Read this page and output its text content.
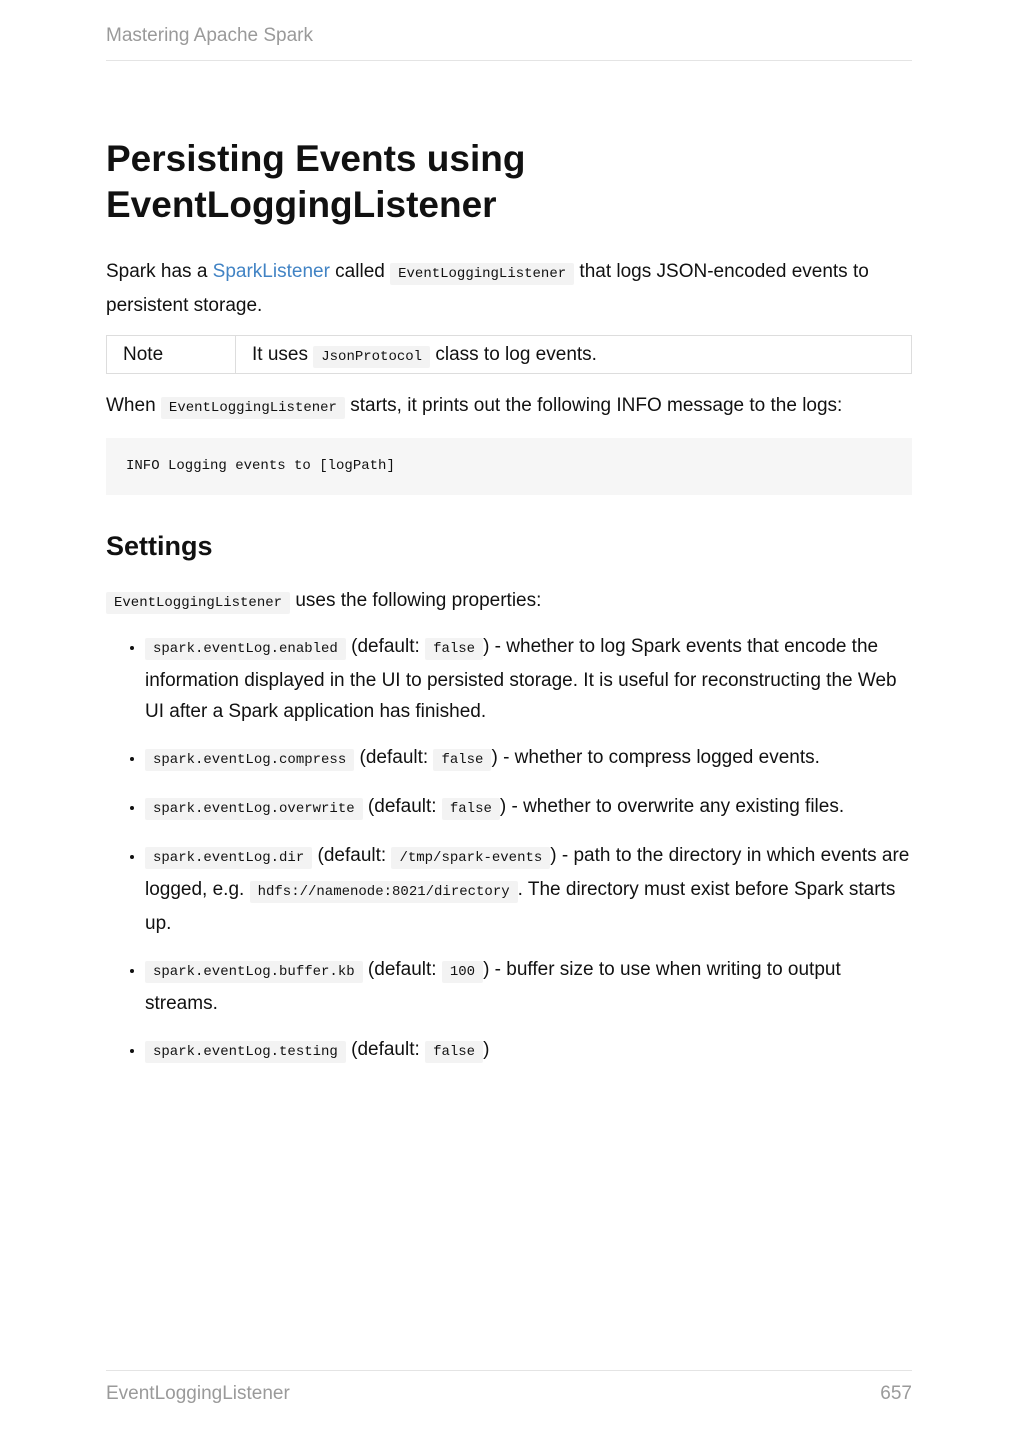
Mastering Apache Spark
Persisting Events using EventLoggingListener

Spark has a SparkListener called EventLoggingListener that logs JSON-encoded events to persistent storage.

Note	It uses JsonProtocol class to log events.

When EventLoggingListener starts, it prints out the following INFO message to the logs:

INFO Logging events to [logPath]
Settings

EventLoggingListener uses the following properties:

• spark.eventLog.enabled (default: false ) - whether to log Spark events that encode the information displayed in the UI to persisted storage. It is useful for reconstructing the Web UI after a Spark application has finished.
• spark.eventLog.compress (default: false ) - whether to compress logged events.
• spark.eventLog.overwrite (default: false ) - whether to overwrite any existing files.
• spark.eventLog.dir (default: /tmp/spark-events ) - path to the directory in which events are logged, e.g. hdfs://namenode:8021/directory . The directory must exist before Spark starts up.
• spark.eventLog.buffer.kb (default: 100 ) - buffer size to use when writing to output streams.
• spark.eventLog.testing (default: false )
EventLoggingListener	657
